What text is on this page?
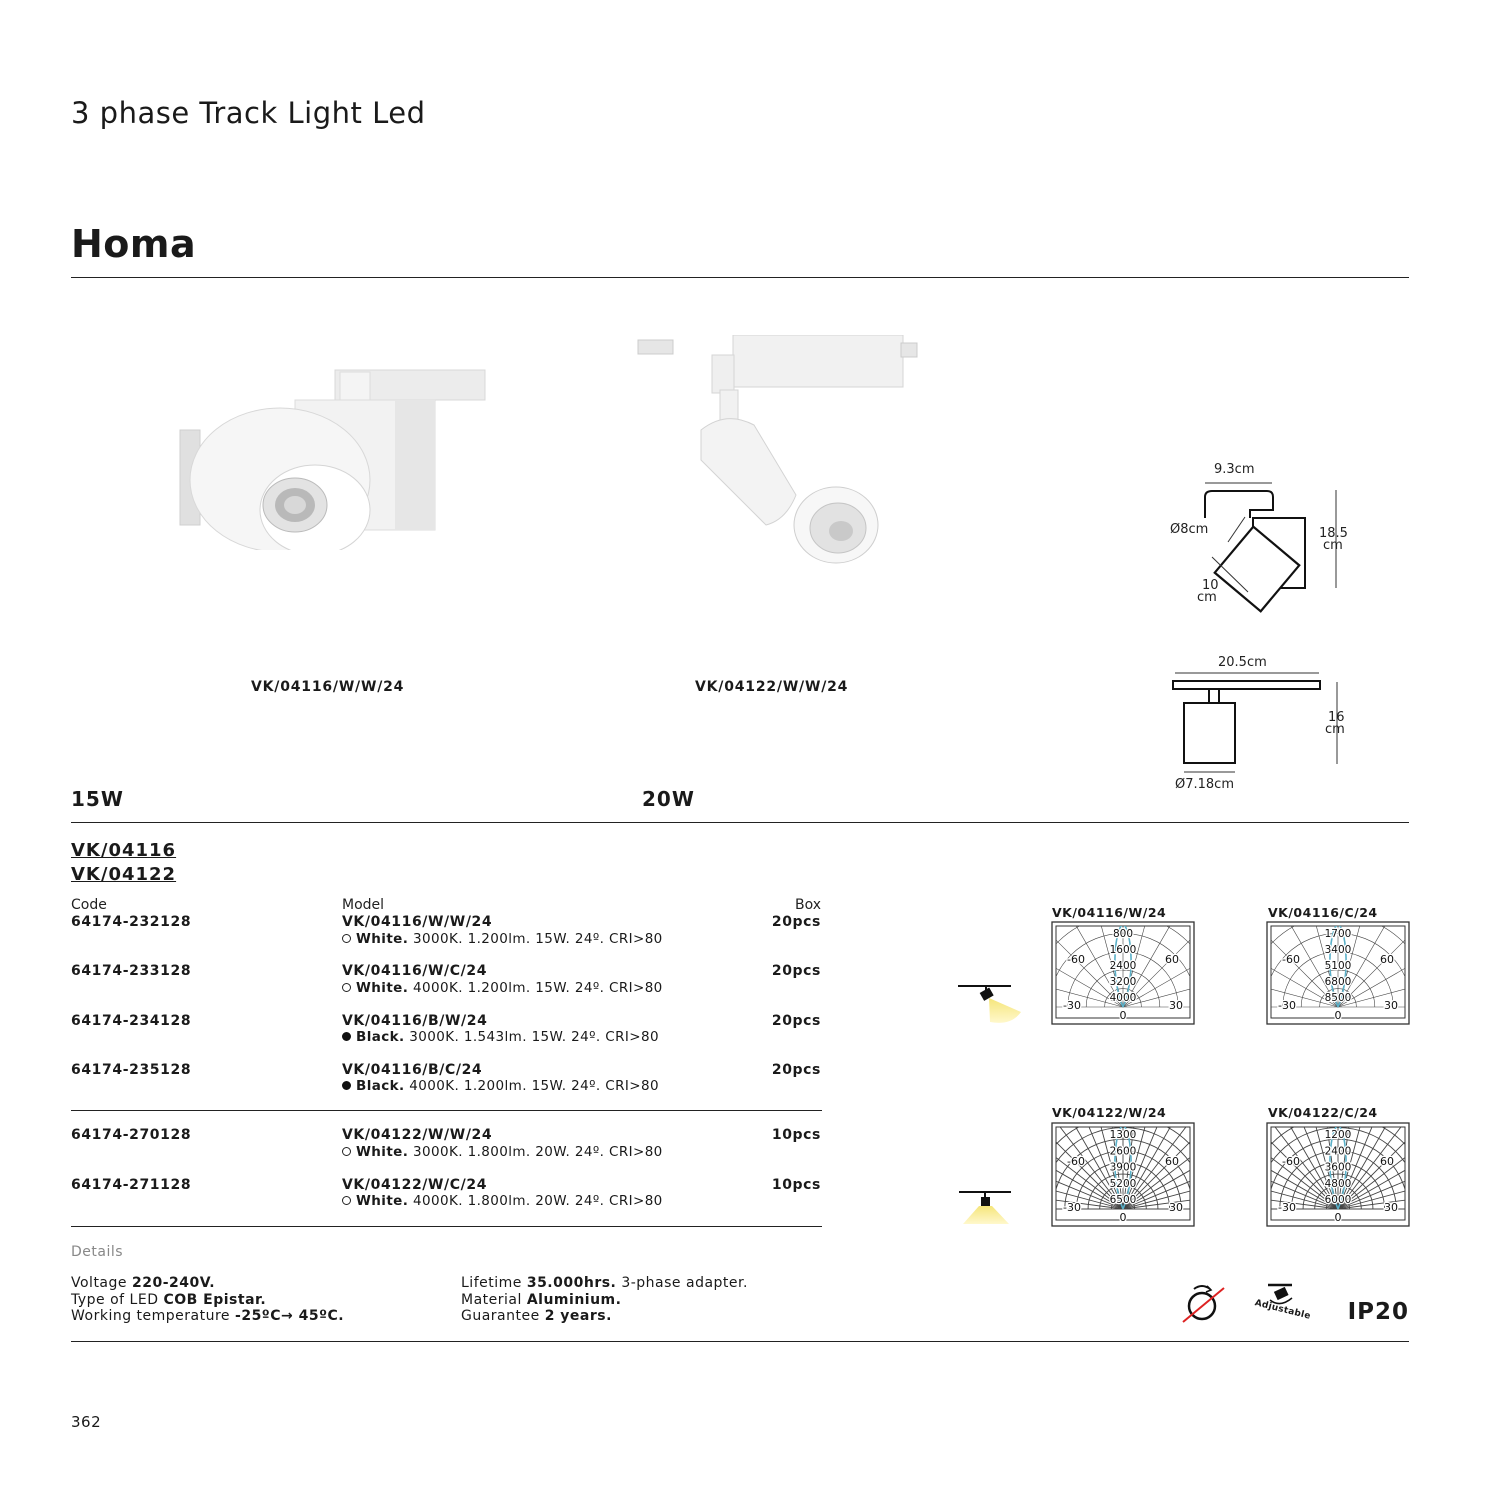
3 phase Track Light Led
Homa
VK/04116/W/W/24	VK/04122/W/W/24
9.3cm
Ø8cm	18.5
cm
10
cm
20.5cm
16
cm
Ø7.18cm
15W	20W
VK/04116
VK/04122
Code	Model	Box
64174-232128	VK/04116/W/W/24	20pcs
White. 3000K. 1.200lm. 15W. 24º. CRI>80
64174-233128	VK/04116/W/C/24	20pcs
White. 4000K. 1.200lm. 15W. 24º. CRI>80
64174-234128	VK/04116/B/W/24	20pcs
Black. 3000K. 1.543lm. 15W. 24º. CRI>80
64174-235128	VK/04116/B/C/24	20pcs
Black. 4000K. 1.200lm. 15W. 24º. CRI>80
64174-270128	VK/04122/W/W/24	10pcs
White. 3000K. 1.800lm. 20W. 24º. CRI>80
64174-271128	VK/04122/W/C/24	10pcs
White. 4000K. 1.800lm. 20W. 24º. CRI>80
VK/04116/W/24	VK/04116/C/24
VK/04122/W/24	VK/04122/C/24
800
1600
2400
3200
4000
-60	60
-30	30
0
1700
3400
5100
6800
8500
-60	60
-30	30
0
1300
2600
3900
5200
6500
-60	60
-30	30
0
1200
2400
3600
4800
6000
-60	60
-30	30
0
Details
Voltage 220-240V.
Type of LED COB Epistar.
Working temperature -25ºC→ 45ºC.
Lifetime 35.000hrs. 3-phase adapter.
Material Aluminium.
Guarantee 2 years.	Adjustable IP20
362
